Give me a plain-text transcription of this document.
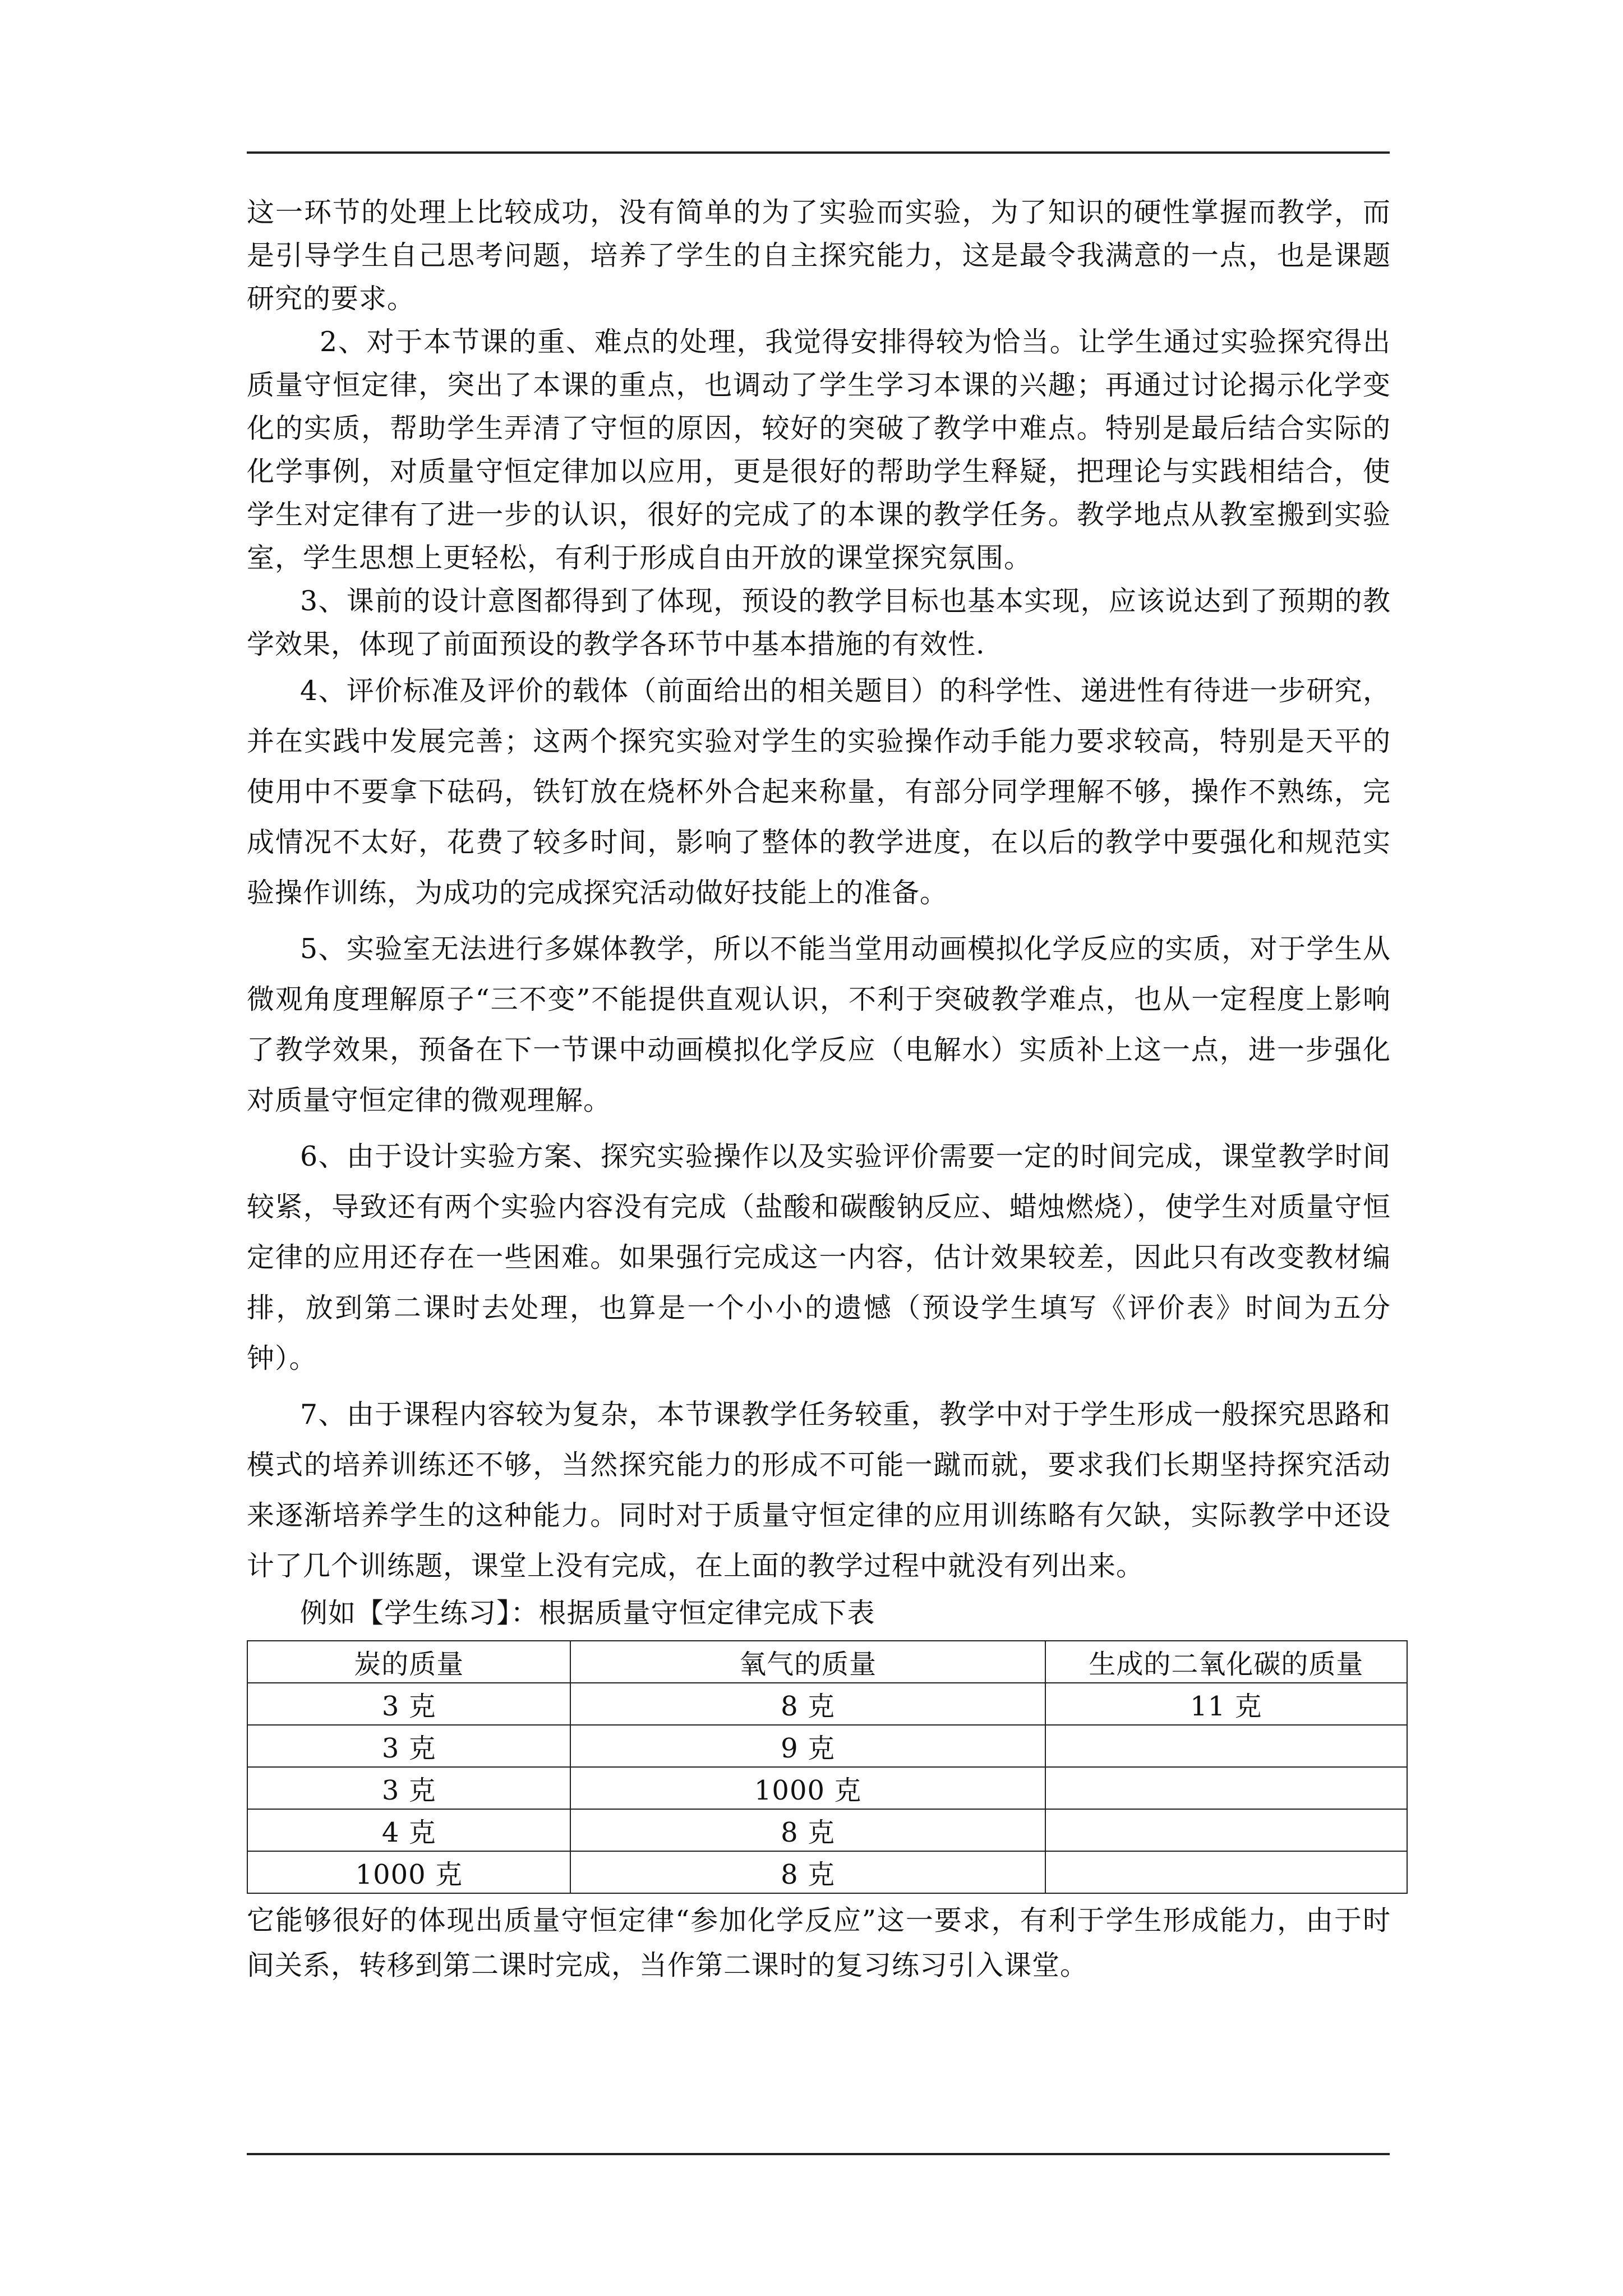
这一环节的处理上比较成功，没有简单的为了实验而实验，为了知识的硬性掌握而教学，而是引导学生自己思考问题，培养了学生的自主探究能力，这是最令我满意的一点，也是课题研究的要求。

2、对于本节课的重、难点的处理，我觉得安排得较为恰当。让学生通过实验探究得出质量守恒定律，突出了本课的重点，也调动了学生学习本课的兴趣；再通过讨论揭示化学变化的实质，帮助学生弄清了守恒的原因，较好的突破了教学中难点。特别是最后结合实际的化学事例，对质量守恒定律加以应用，更是很好的帮助学生释疑，把理论与实践相结合，使学生对定律有了进一步的认识，很好的完成了的本课的教学任务。教学地点从教室搬到实验室，学生思想上更轻松，有利于形成自由开放的课堂探究氛围。

3、课前的设计意图都得到了体现，预设的教学目标也基本实现，应该说达到了预期的教学效果，体现了前面预设的教学各环节中基本措施的有效性.

4、评价标准及评价的载体（前面给出的相关题目）的科学性、递进性有待进一步研究，并在实践中发展完善；这两个探究实验对学生的实验操作动手能力要求较高，特别是天平的使用中不要拿下砝码，铁钉放在烧杯外合起来称量，有部分同学理解不够，操作不熟练，完成情况不太好，花费了较多时间，影响了整体的教学进度，在以后的教学中要强化和规范实验操作训练，为成功的完成探究活动做好技能上的准备。

5、实验室无法进行多媒体教学，所以不能当堂用动画模拟化学反应的实质，对于学生从微观角度理解原子“三不变”不能提供直观认识，不利于突破教学难点，也从一定程度上影响了教学效果，预备在下一节课中动画模拟化学反应（电解水）实质补上这一点，进一步强化对质量守恒定律的微观理解。

6、由于设计实验方案、探究实验操作以及实验评价需要一定的时间完成，课堂教学时间较紧，导致还有两个实验内容没有完成（盐酸和碳酸钠反应、蜡烛燃烧），使学生对质量守恒定律的应用还存在一些困难。如果强行完成这一内容，估计效果较差，因此只有改变教材编排，放到第二课时去处理，也算是一个小小的遗憾（预设学生填写《评价表》时间为五分钟）。

7、由于课程内容较为复杂，本节课教学任务较重，教学中对于学生形成一般探究思路和模式的培养训练还不够，当然探究能力的形成不可能一蹴而就，要求我们长期坚持探究活动来逐渐培养学生的这种能力。同时对于质量守恒定律的应用训练略有欠缺，实际教学中还设计了几个训练题，课堂上没有完成，在上面的教学过程中就没有列出来。

例如【学生练习】：根据质量守恒定律完成下表

炭的质量	氧气的质量	生成的二氧化碳的质量
3 克	8 克	11 克
3 克	9 克	
3 克	1000 克	
4 克	8 克	
1000 克	8 克	

它能够很好的体现出质量守恒定律“参加化学反应”这一要求，有利于学生形成能力，由于时间关系，转移到第二课时完成，当作第二课时的复习练习引入课堂。
